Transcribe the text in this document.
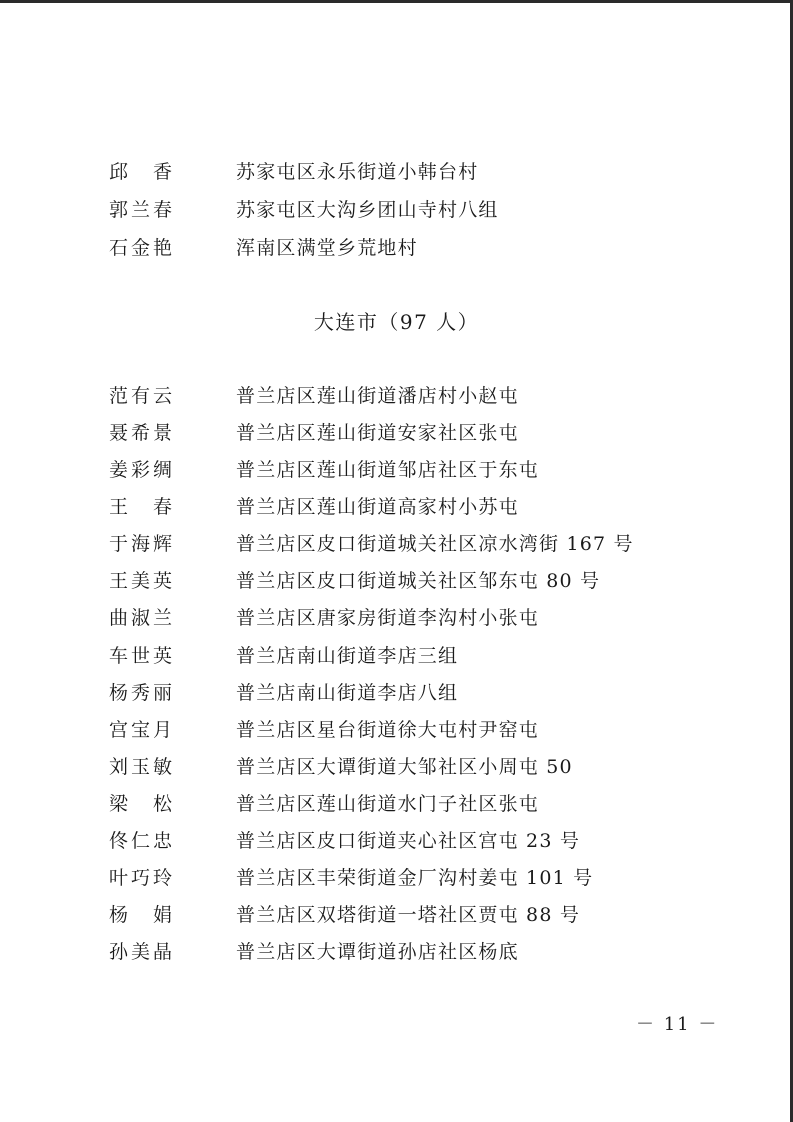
邱　香	苏家屯区永乐街道小韩台村
郭兰春	苏家屯区大沟乡团山寺村八组
石金艳	浑南区满堂乡荒地村
大连市（97 人）
范有云	普兰店区莲山街道潘店村小赵屯
聂希景	普兰店区莲山街道安家社区张屯
姜彩绸	普兰店区莲山街道邹店社区于东屯
王　春	普兰店区莲山街道高家村小苏屯
于海辉	普兰店区皮口街道城关社区凉水湾街 167 号
王美英	普兰店区皮口街道城关社区邹东屯 80 号
曲淑兰	普兰店区唐家房街道李沟村小张屯
车世英	普兰店南山街道李店三组
杨秀丽	普兰店南山街道李店八组
宫宝月	普兰店区星台街道徐大屯村尹窑屯
刘玉敏	普兰店区大谭街道大邹社区小周屯 50
梁　松	普兰店区莲山街道水门子社区张屯
佟仁忠	普兰店区皮口街道夹心社区宫屯 23 号
叶巧玲	普兰店区丰荣街道金厂沟村姜屯 101 号
杨　娟	普兰店区双塔街道一塔社区贾屯 88 号
孙美晶	普兰店区大谭街道孙店社区杨底
－ 11 －
